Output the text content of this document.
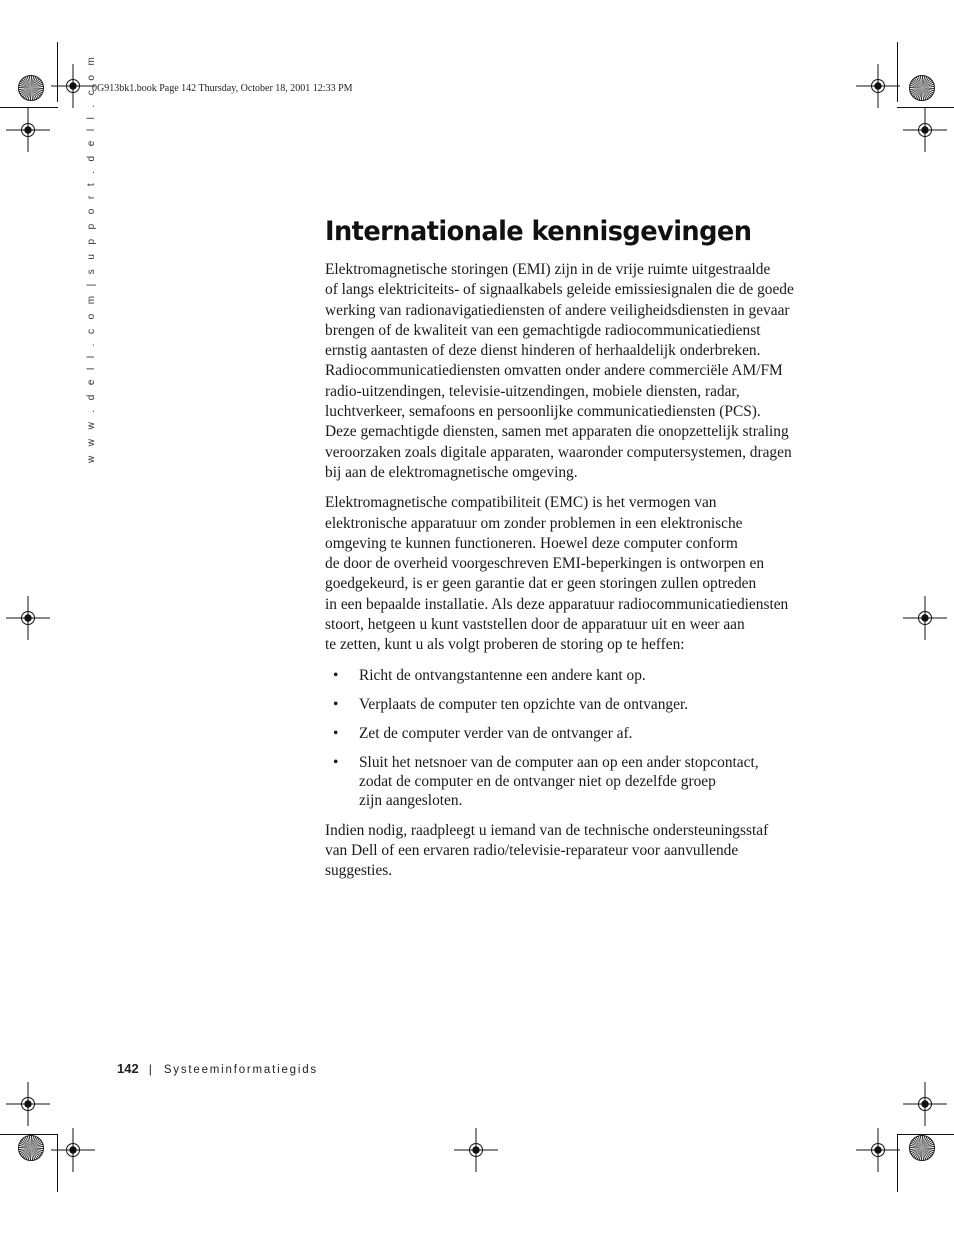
0G913bk1.book Page 142 Thursday, October 18, 2001 12:33 PM
w w w . d e l l . c o m | s u p p o r t . d e l l . c o m	Internationale kennisgevingen

Elektromagnetische storingen (EMI) zijn in de vrije ruimte uitgestraalde
of langs elektriciteits- of signaalkabels geleide emissiesignalen die de goede
werking van radionavigatiediensten of andere veiligheidsdiensten in gevaar
brengen of de kwaliteit van een gemachtigde radiocommunicatiedienst
ernstig aantasten of deze dienst hinderen of herhaaldelijk onderbreken.
Radiocommunicatiediensten omvatten onder andere commerciële AM/FM
radio-uitzendingen, televisie-uitzendingen, mobiele diensten, radar,
luchtverkeer, semafoons en persoonlijke communicatiediensten (PCS).
Deze gemachtigde diensten, samen met apparaten die onopzettelijk straling
veroorzaken zoals digitale apparaten, waaronder computersystemen, dragen
bij aan de elektromagnetische omgeving.

Elektromagnetische compatibiliteit (EMC) is het vermogen van
elektronische apparatuur om zonder problemen in een elektronische
omgeving te kunnen functioneren. Hoewel deze computer conform
de door de overheid voorgeschreven EMI-beperkingen is ontworpen en
goedgekeurd, is er geen garantie dat er geen storingen zullen optreden
in een bepaalde installatie. Als deze apparatuur radiocommunicatiediensten
stoort, hetgeen u kunt vaststellen door de apparatuur uit en weer aan
te zetten, kunt u als volgt proberen de storing op te heffen:

• Richt de ontvangstantenne een andere kant op.
• Verplaats de computer ten opzichte van de ontvanger.
• Zet de computer verder van de ontvanger af.
• Sluit het netsnoer van de computer aan op een ander stopcontact,
zodat de computer en de ontvanger niet op dezelfde groep
zijn aangesloten.

Indien nodig, raadpleegt u iemand van de technische ondersteuningsstaf
van Dell of een ervaren radio/televisie-reparateur voor aanvullende
suggesties.

142 | Systeeminformatiegids
